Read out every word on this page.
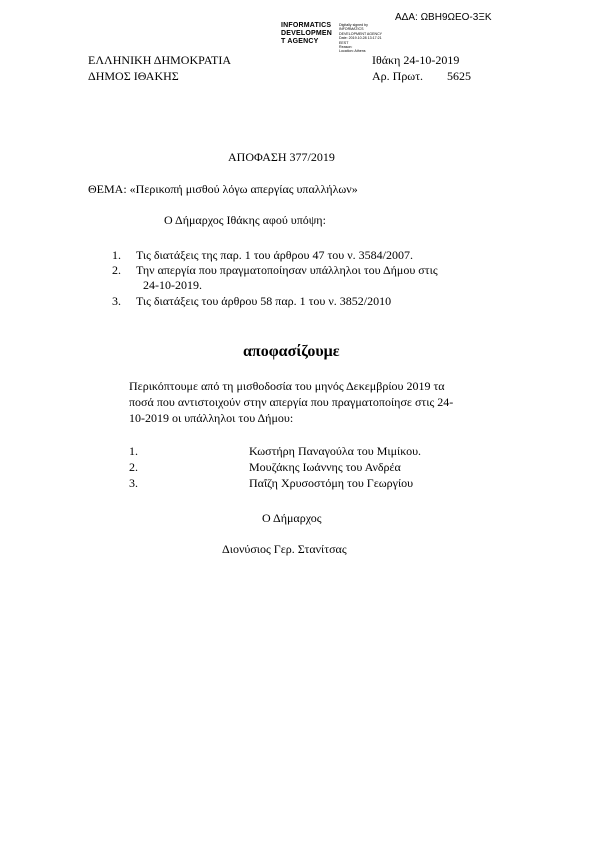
ΑΔΑ: ΩΒΗ9ΩΕΟ-3ΞΚ
INFORMATICS
DEVELOPMEN
T AGENCY
Digitally signed by
INFORMATICS
DEVELOPMENT AGENCY
Date: 2019.10.28 13:17:21
EEST
Reason:
Location: Athens
ΕΛΛΗΝΙΚΗ ΔΗΜΟΚΡΑΤΙΑ
ΔΗΜΟΣ ΙΘΑΚΗΣ
Ιθάκη 24-10-2019
Αρ. Πρωτ. 5625
ΑΠΟΦΑΣΗ 377/2019
ΘΕΜΑ: «Περικοπή μισθού λόγω απεργίας υπαλλήλων»
Ο Δήμαρχος Ιθάκης αφού υπόψη:
1. Τις διατάξεις της παρ. 1 του άρθρου 47 του ν. 3584/2007.
2. Την απεργία που πραγματοποίησαν υπάλληλοι του Δήμου στις
24-10-2019.
3. Τις διατάξεις του άρθρου 58 παρ. 1 του ν. 3852/2010
αποφασίζουμε
Περικόπτουμε από τη μισθοδοσία του μηνός Δεκεμβρίου 2019 τα
ποσά που αντιστοιχούν στην απεργία που πραγματοποίησε στις 24-
10-2019 οι υπάλληλοι του Δήμου:
1.	Κωστήρη Παναγούλα του Μιμίκου.
2.	Μουζάκης Ιωάννης του Ανδρέα
3.	Παΐζη Χρυσοστόμη του Γεωργίου
Ο Δήμαρχος
Διονύσιος Γερ. Στανίτσας
